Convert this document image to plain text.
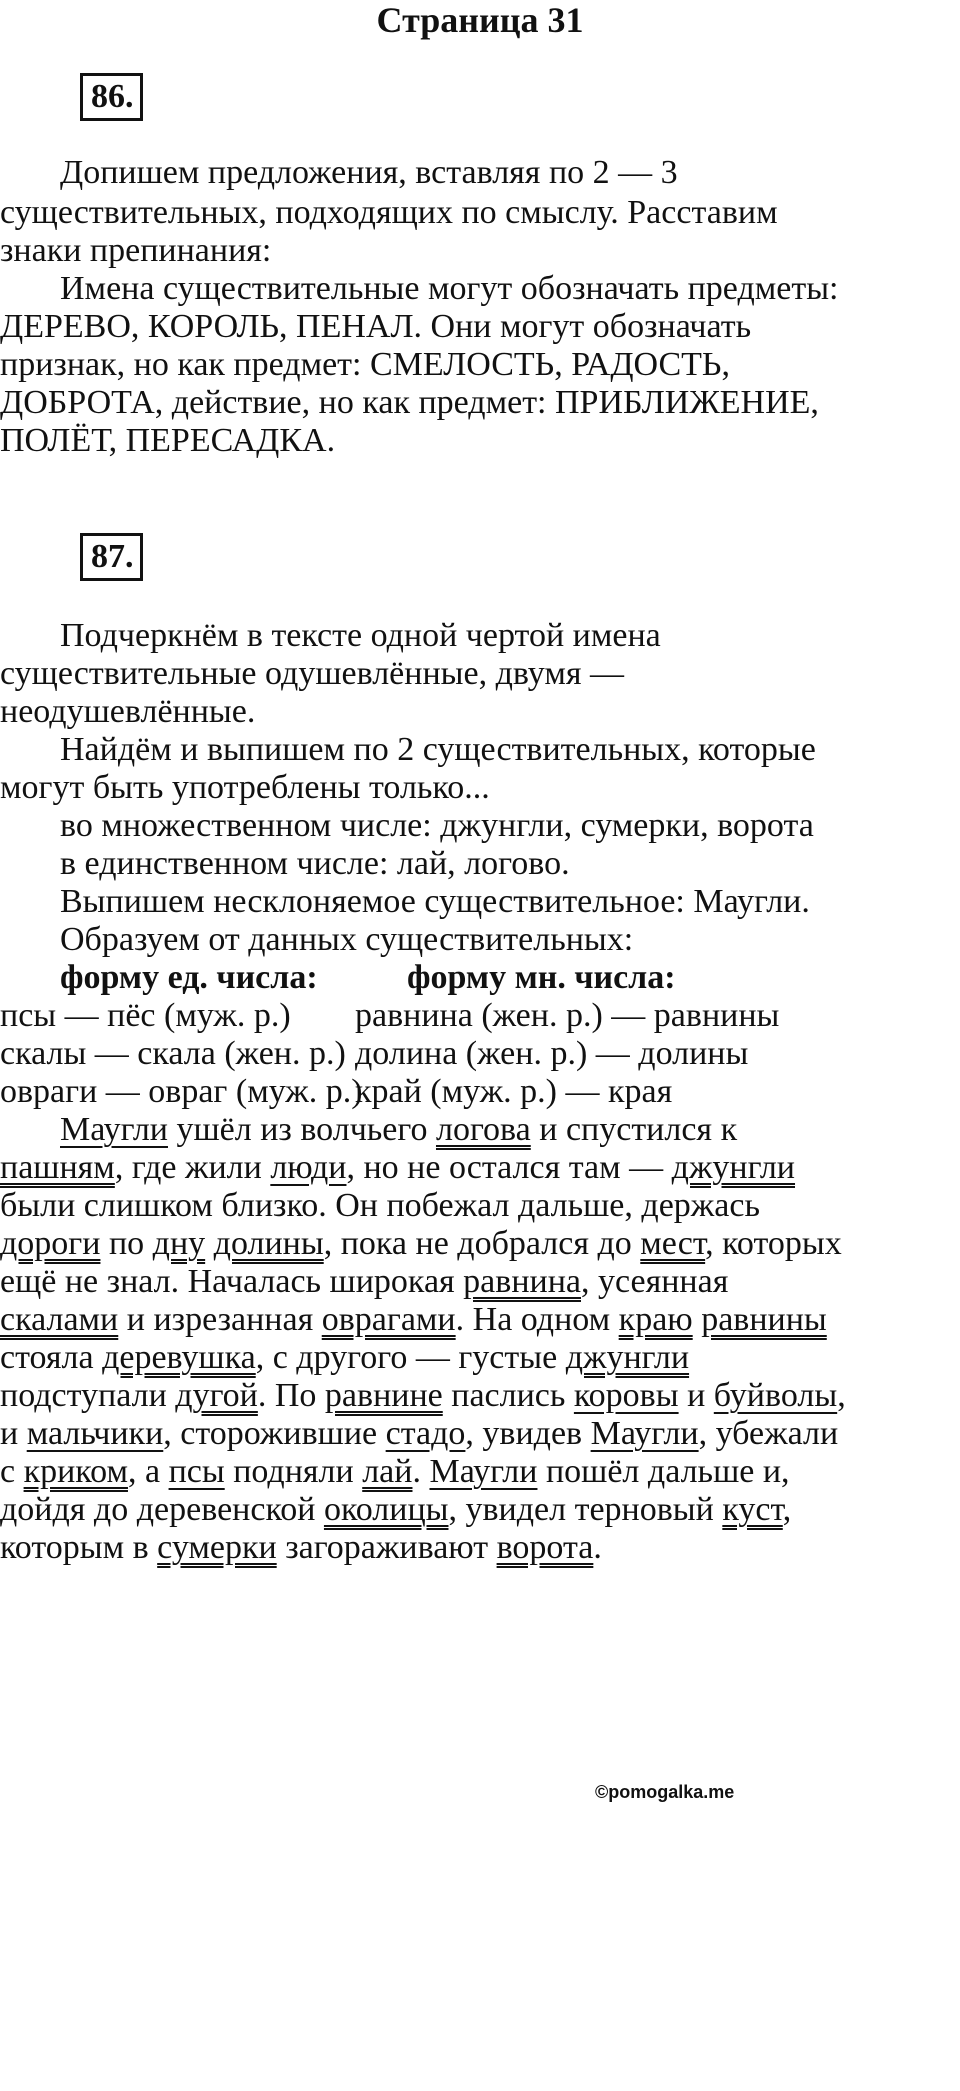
Страница 31
86.
Допишем предложения, вставляя по 2 — 3
существительных, подходящих по смыслу. Расставим
знаки препинания:
Имена существительные могут обозначать предметы:
ДЕРЕВО, КОРОЛЬ, ПЕНАЛ. Они могут обозначать
признак, но как предмет: СМЕЛОСТЬ, РАДОСТЬ,
ДОБРОТА, действие, но как предмет: ПРИБЛИЖЕНИЕ,
ПОЛЁТ, ПЕРЕСАДКА.
87.
Подчеркнём в тексте одной чертой имена
существительные одушевлённые, двумя —
неодушевлённые.
Найдём и выпишем по 2 существительных, которые
могут быть употреблены только...
во множественном числе: джунгли, сумерки, ворота
в единственном числе: лай, логово.
Выпишем несклоняемое существительное: Маугли.
Образуем от данных существительных:
форму ед. числа:	форму мн. числа:
псы — пёс (муж. р.)
скалы — скала (жен. р.)
овраги — овраг (муж. р.)
равнина (жен. р.) — равнины
долина (жен. р.) — долины
край (муж. р.) — края
Маугли ушёл из волчьего логова и спустился к
пашням, где жили люди, но не остался там — джунгли
были слишком близко. Он побежал дальше, держась
дороги по дну долины, пока не добрался до мест, которых
ещё не знал. Началась широкая равнина, усеянная
скалами и изрезанная оврагами. На одном краю равнины
стояла деревушка, с другого — густые джунгли
подступали дугой. По равнине паслись коровы и буйволы,
и мальчики, сторожившие стадо, увидев Маугли, убежали
с криком, а псы подняли лай. Маугли пошёл дальше и,
дойдя до деревенской околицы, увидел терновый куст,
которым в сумерки загораживают ворота.
©pomogalka.me
